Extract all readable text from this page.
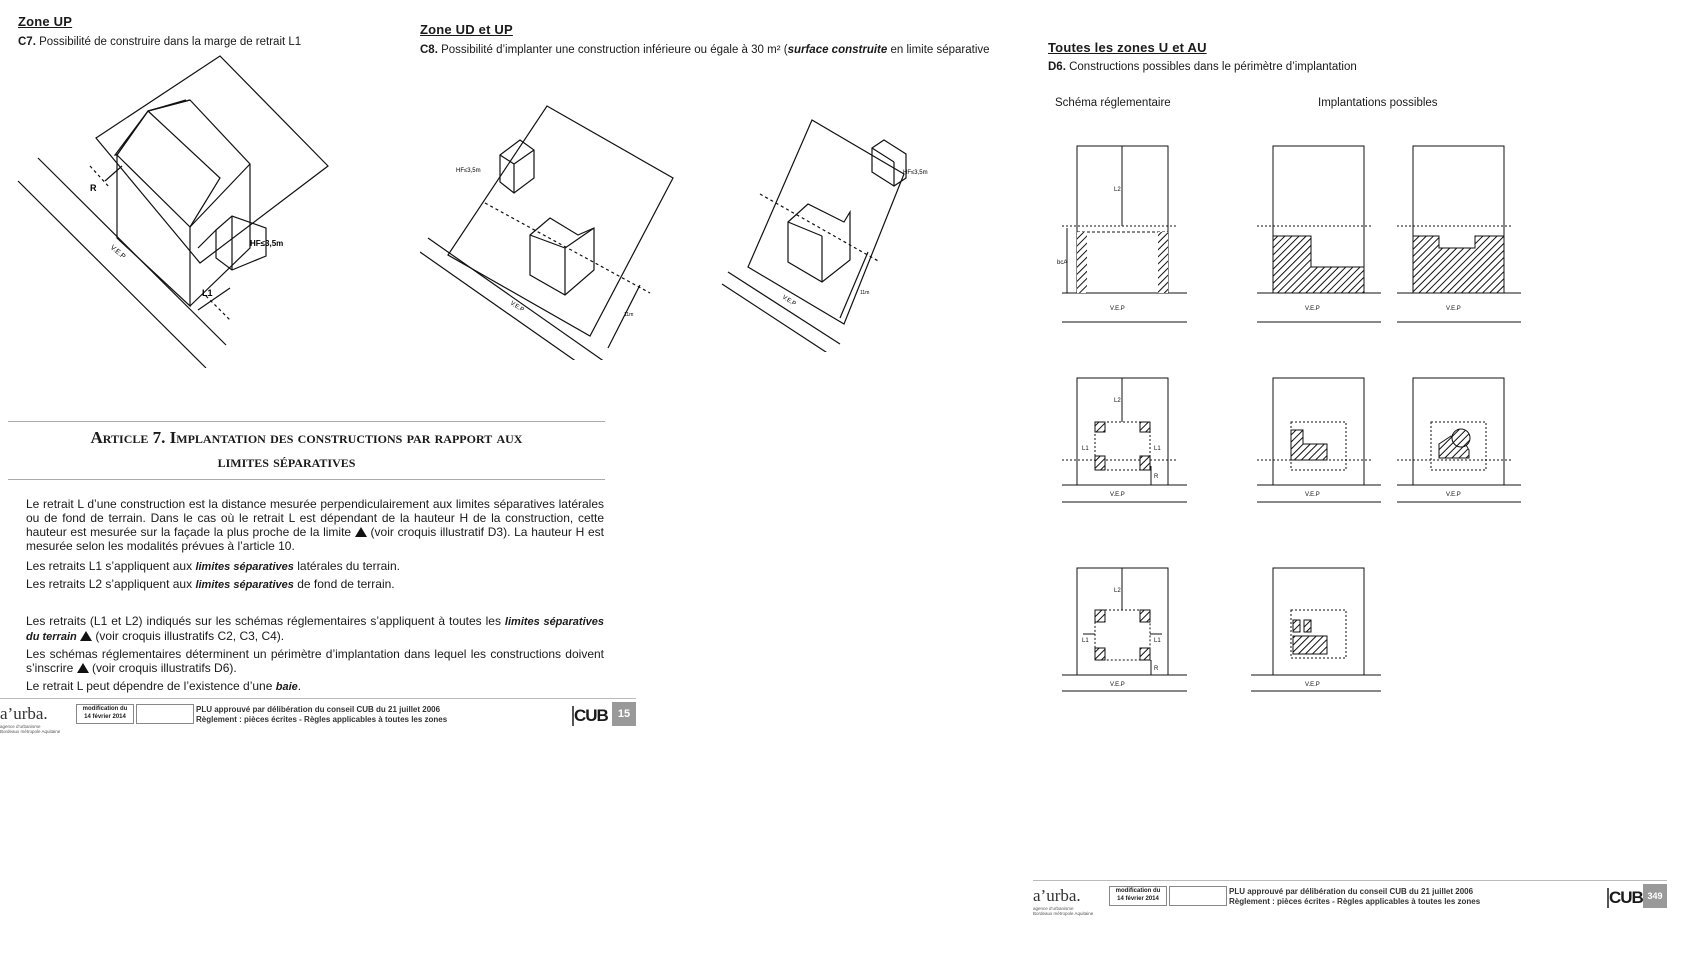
Zone UP
C7. Possibilité de construire dans la marge de retrait L1
R
V.E.P
L1
HF≤3,5m
Zone UD et UP
C8. Possibilité d’implanter une construction inférieure ou égale à 30 m² (surface construite en limite séparative
HF≤3,5m
V.E.P
11m
HF≤3,5m
V.E.P
11m
Article 7. Implantation des constructions par rapport aux
limites séparatives
Le retrait L d’une construction est la distance mesurée perpendiculairement aux limites séparatives latérales ou de fond de terrain. Dans le cas où le retrait L est dépendant de la hauteur H de la construction, cette hauteur est mesurée sur la façade la plus proche de la limite  (voir croquis illustratif D3). La hauteur H est mesurée selon les modalités prévues à l’article 10.
Les retraits L1 s’appliquent aux limites séparatives latérales du terrain.
Les retraits L2 s’appliquent aux limites séparatives de fond de terrain.
Les retraits (L1 et L2) indiqués sur les schémas réglementaires s’appliquent à toutes les limites séparatives du terrain  (voir croquis illustratifs C2, C3, C4).
Les schémas réglementaires déterminent un périmètre d’implantation dans lequel les constructions doivent s’inscrire  (voir croquis illustratifs D6).
Le retrait L peut dépendre de l’existence d’une baie.
a’urba.
agence d’urbanisme
Bordeaux métropole Aquitaine
modification du
14 février 2014
PLU approuvé par délibération du conseil CUB du 21 juillet 2006
Règlement : pièces écrites - Règles applicables à toutes les zones	CUB 15
Toutes les zones U et AU
D6. Constructions possibles dans le périmètre d’implantation
Schéma réglementaire	Implantations possibles
L2
bcA
V.E.P	V.E.P	V.E.P
L2
L1	L1
R
V.E.P	V.E.P	V.E.P
L2
L1	L1
R
V.E.P	V.E.P
a’urba.
agence d’urbanisme
Bordeaux métropole Aquitaine
modification du
14 février 2014
PLU approuvé par délibération du conseil CUB du 21 juillet 2006
Règlement : pièces écrites - Règles applicables à toutes les zones	CUB 349
